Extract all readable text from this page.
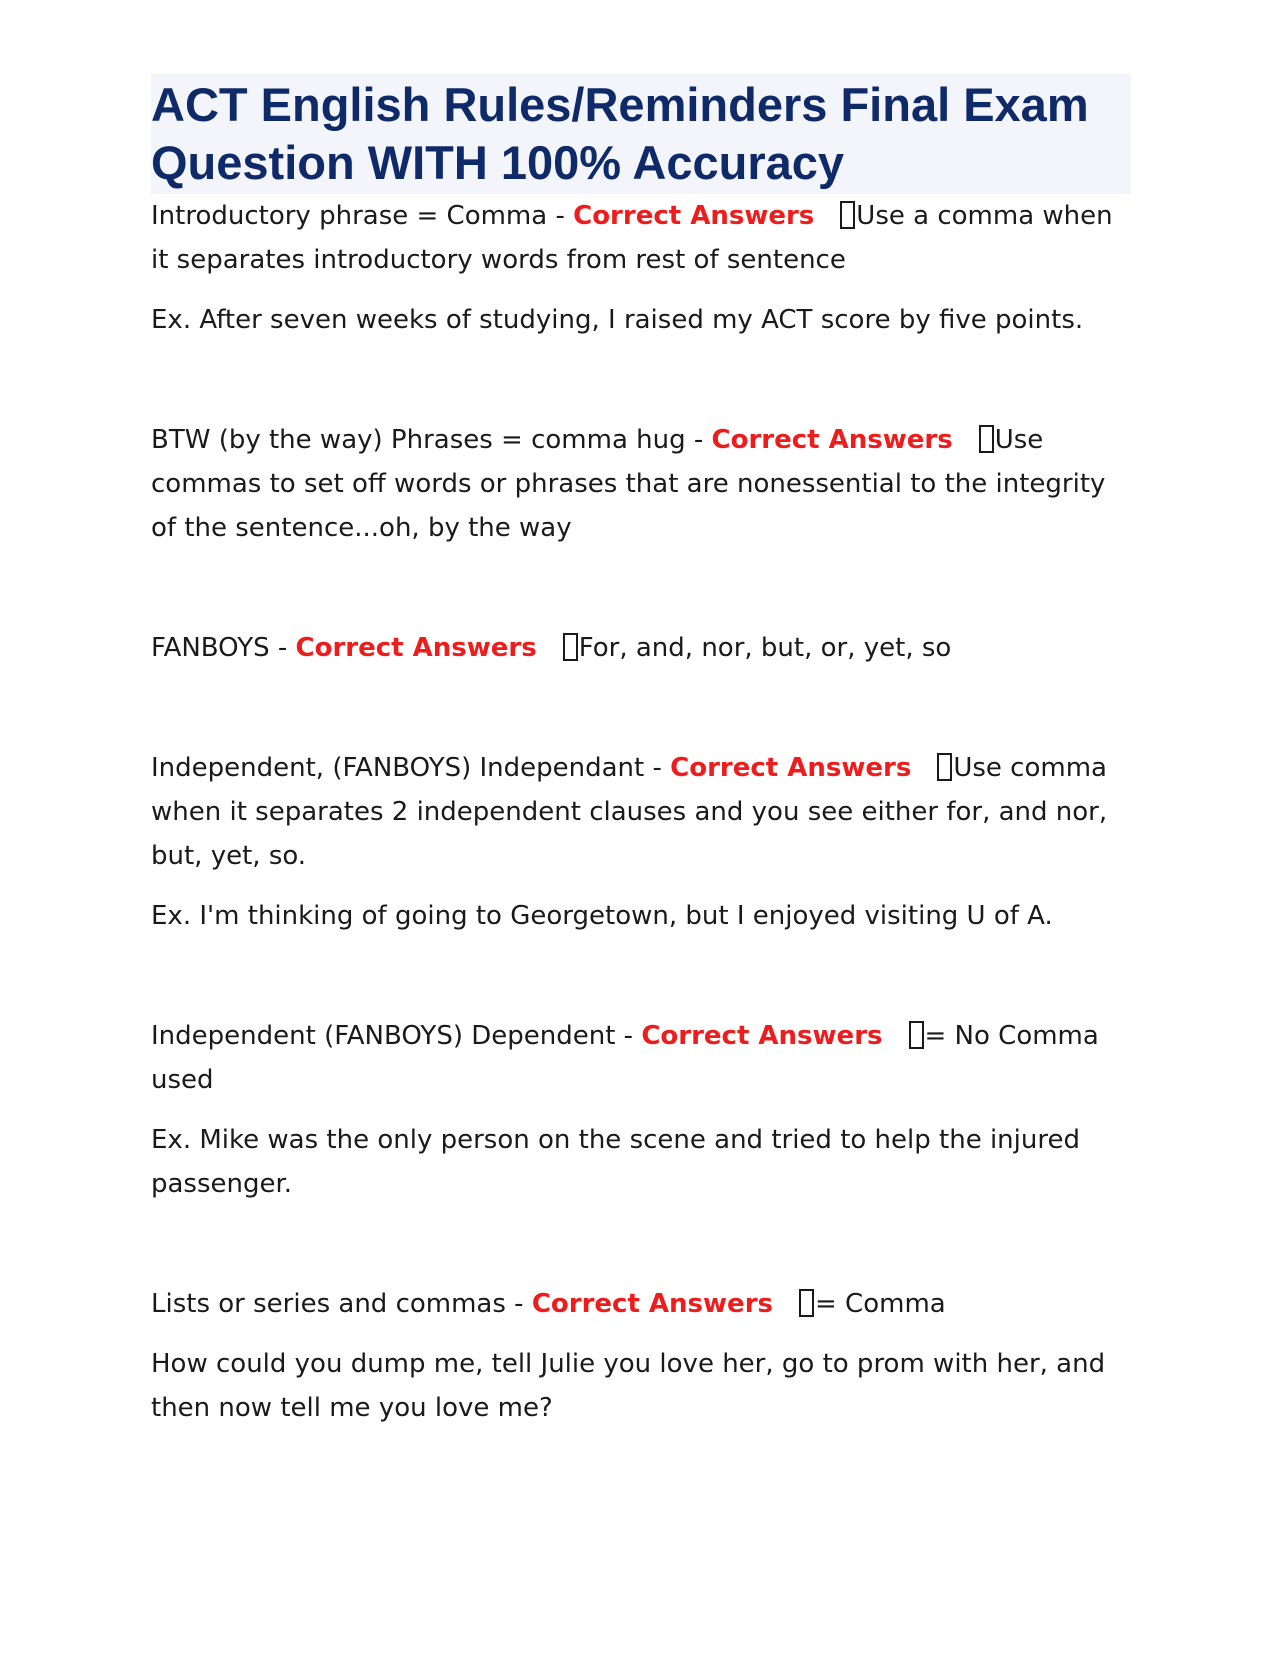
ACT English Rules/Reminders Final Exam Question WITH 100% Accuracy

Introductory phrase = Comma - Correct Answers Use a comma when it separates introductory words from rest of sentence

Ex. After seven weeks of studying, I raised my ACT score by five points.

BTW (by the way) Phrases = comma hug - Correct Answers Use commas to set off words or phrases that are nonessential to the integrity of the sentence...oh, by the way

FANBOYS - Correct Answers For, and, nor, but, or, yet, so

Independent, (FANBOYS) Independant - Correct Answers Use comma when it separates 2 independent clauses and you see either for, and nor, but, yet, so.

Ex. I'm thinking of going to Georgetown, but I enjoyed visiting U of A.

Independent (FANBOYS) Dependent - Correct Answers = No Comma used

Ex. Mike was the only person on the scene and tried to help the injured passenger.

Lists or series and commas - Correct Answers = Comma

How could you dump me, tell Julie you love her, go to prom with her, and then now tell me you love me?
